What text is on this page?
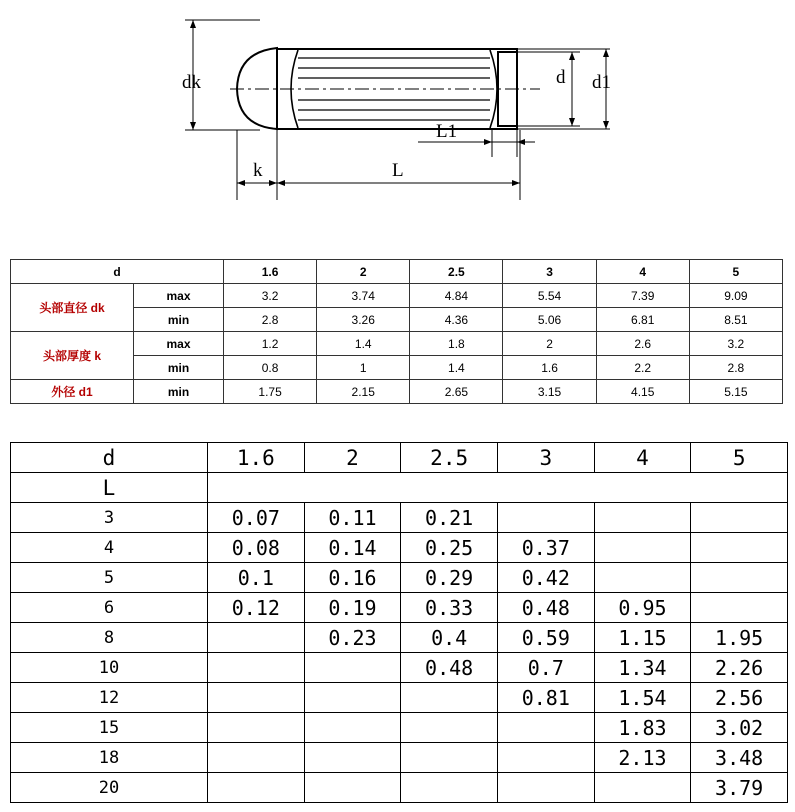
dk	d d1
L1
k	L
d		1.6	2	2.5	3	4	5
头部直径 dk	max	3.2	3.74	4.84	5.54	7.39	9.09
	min	2.8	3.26	4.36	5.06	6.81	8.51
头部厚度 k	max	1.2	1.4	1.8	2	2.6	3.2
	min	0.8	1	1.4	1.6	2.2	2.8
外径 d1	min	1.75	2.15	2.65	3.15	4.15	5.15
d	1.6	2	2.5	3	4	5
L						
3	0.07	0.11	0.21			
4	0.08	0.14	0.25	0.37		
5	0.1	0.16	0.29	0.42		
6	0.12	0.19	0.33	0.48	0.95	
8		0.23	0.4	0.59	1.15	1.95
10			0.48	0.7	1.34	2.26
12				0.81	1.54	2.56
15					1.83	3.02
18					2.13	3.48
20						3.79
